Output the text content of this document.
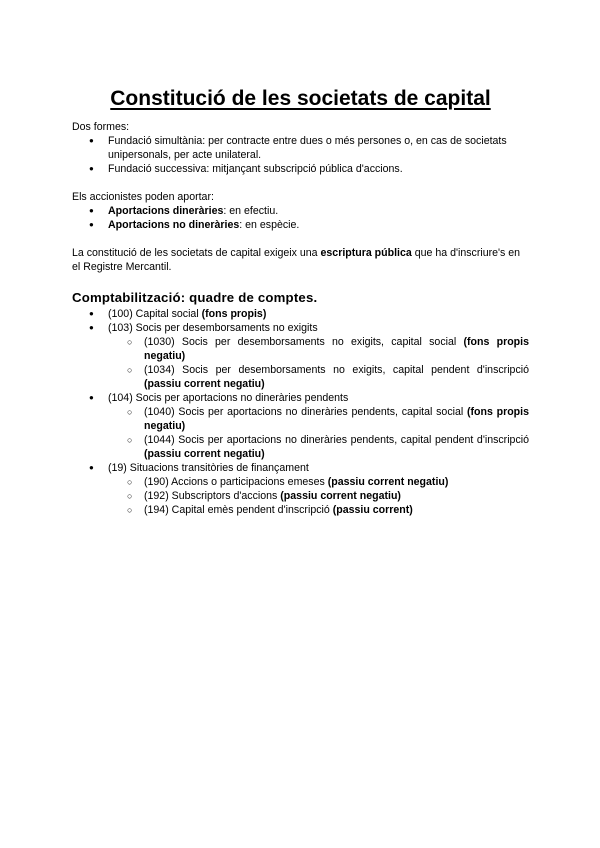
Constitució de les societats de capital

Dos formes:

● Fundació simultània: per contracte entre dues o més persones o, en cas de societats unipersonals, per acte unilateral.
● Fundació successiva: mitjançant subscripció pública d'accions.

Els accionistes poden aportar:

● Aportacions dineràries: en efectiu.
● Aportacions no dineràries: en espècie.

La constitució de les societats de capital exigeix una escriptura pública que ha d'inscriure's en el Registre Mercantil.

Comptabilització: quadre de comptes.
● (100) Capital social (fons propis)
● (103) Socis per desemborsaments no exigits
○ (1030) Socis per desemborsaments no exigits, capital social (fons propis negatiu)
○ (1034) Socis per desemborsaments no exigits, capital pendent d'inscripció (passiu corrent negatiu)
● (104) Socis per aportacions no dineràries pendents
○ (1040) Socis per aportacions no dineràries pendents, capital social (fons propis negatiu)
○ (1044) Socis per aportacions no dineràries pendents, capital pendent d'inscripció (passiu corrent negatiu)
● (19) Situacions transitòries de finançament
○ (190) Accions o participacions emeses (passiu corrent negatiu)
○ (192) Subscriptors d'accions (passiu corrent negatiu)
○ (194) Capital emès pendent d'inscripció (passiu corrent)
